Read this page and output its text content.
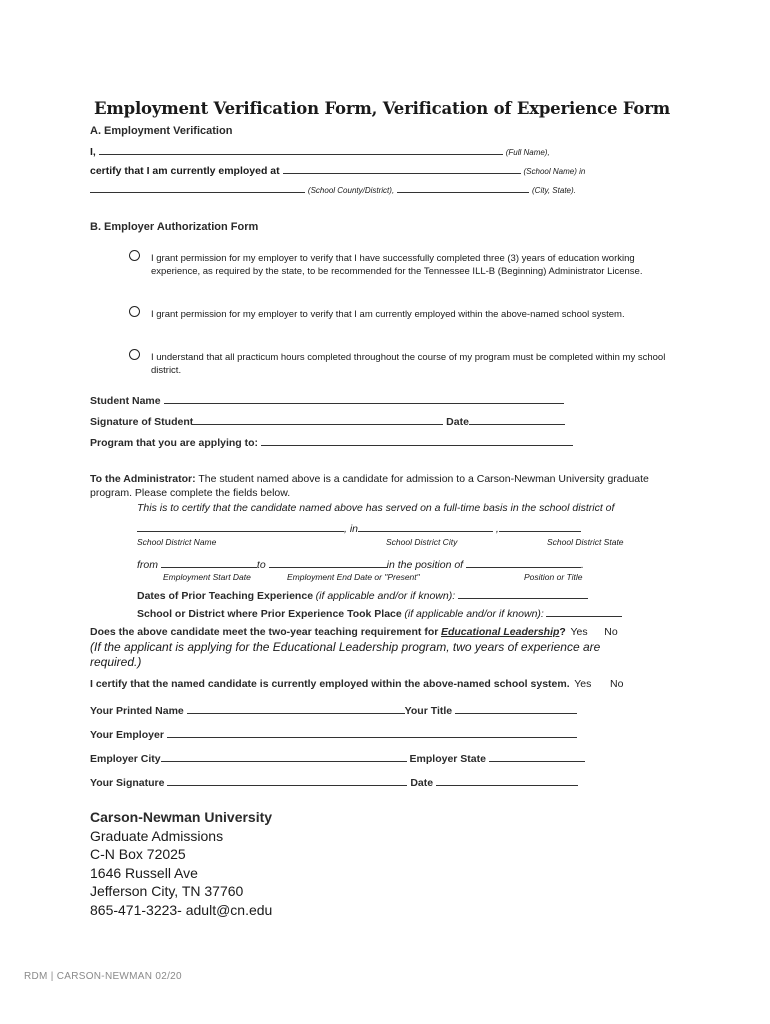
Employment Verification Form, Verification of Experience Form
A. Employment Verification
I,	(Full Name),
certify that I am currently employed at	(School Name) in
(School County/District),	(City, State).
B. Employer Authorization Form
I grant permission for my employer to verify that I have successfully completed three (3) years of education working experience, as required by the state, to be recommended for the Tennessee ILL-B (Beginning) Administrator License.
I grant permission for my employer to verify that I am currently employed within the above-named school system.
I understand that all practicum hours completed throughout the course of my program must be completed within my school district.
Student Name
Signature of Student	Date
Program that you are applying to:
To the Administrator: The student named above is a candidate for admission to a Carson-Newman University graduate program. Please complete the fields below.
This is to certify that the candidate named above has served on a full-time basis in the school district of
, in	,
School District Name	School District City	School District State
from	to	in the position of	.
Employment Start Date	Employment End Date or "Present"	Position or Title
Dates of Prior Teaching Experience (if applicable and/or if known):
School or District where Prior Experience Took Place (if applicable and/or if known):
Does the above candidate meet the two-year teaching requirement for Educational Leadership? Yes No
(If the applicant is applying for the Educational Leadership program, two years of experience are required.)
I certify that the named candidate is currently employed within the above-named school system. Yes No
Your Printed Name	Your Title
Your Employer
Employer City	Employer State
Your Signature	Date
Carson-Newman University
Graduate Admissions
C-N Box 72025
1646 Russell Ave
Jefferson City, TN 37760
865-471-3223- adult@cn.edu
RDM | CARSON-NEWMAN 02/20
